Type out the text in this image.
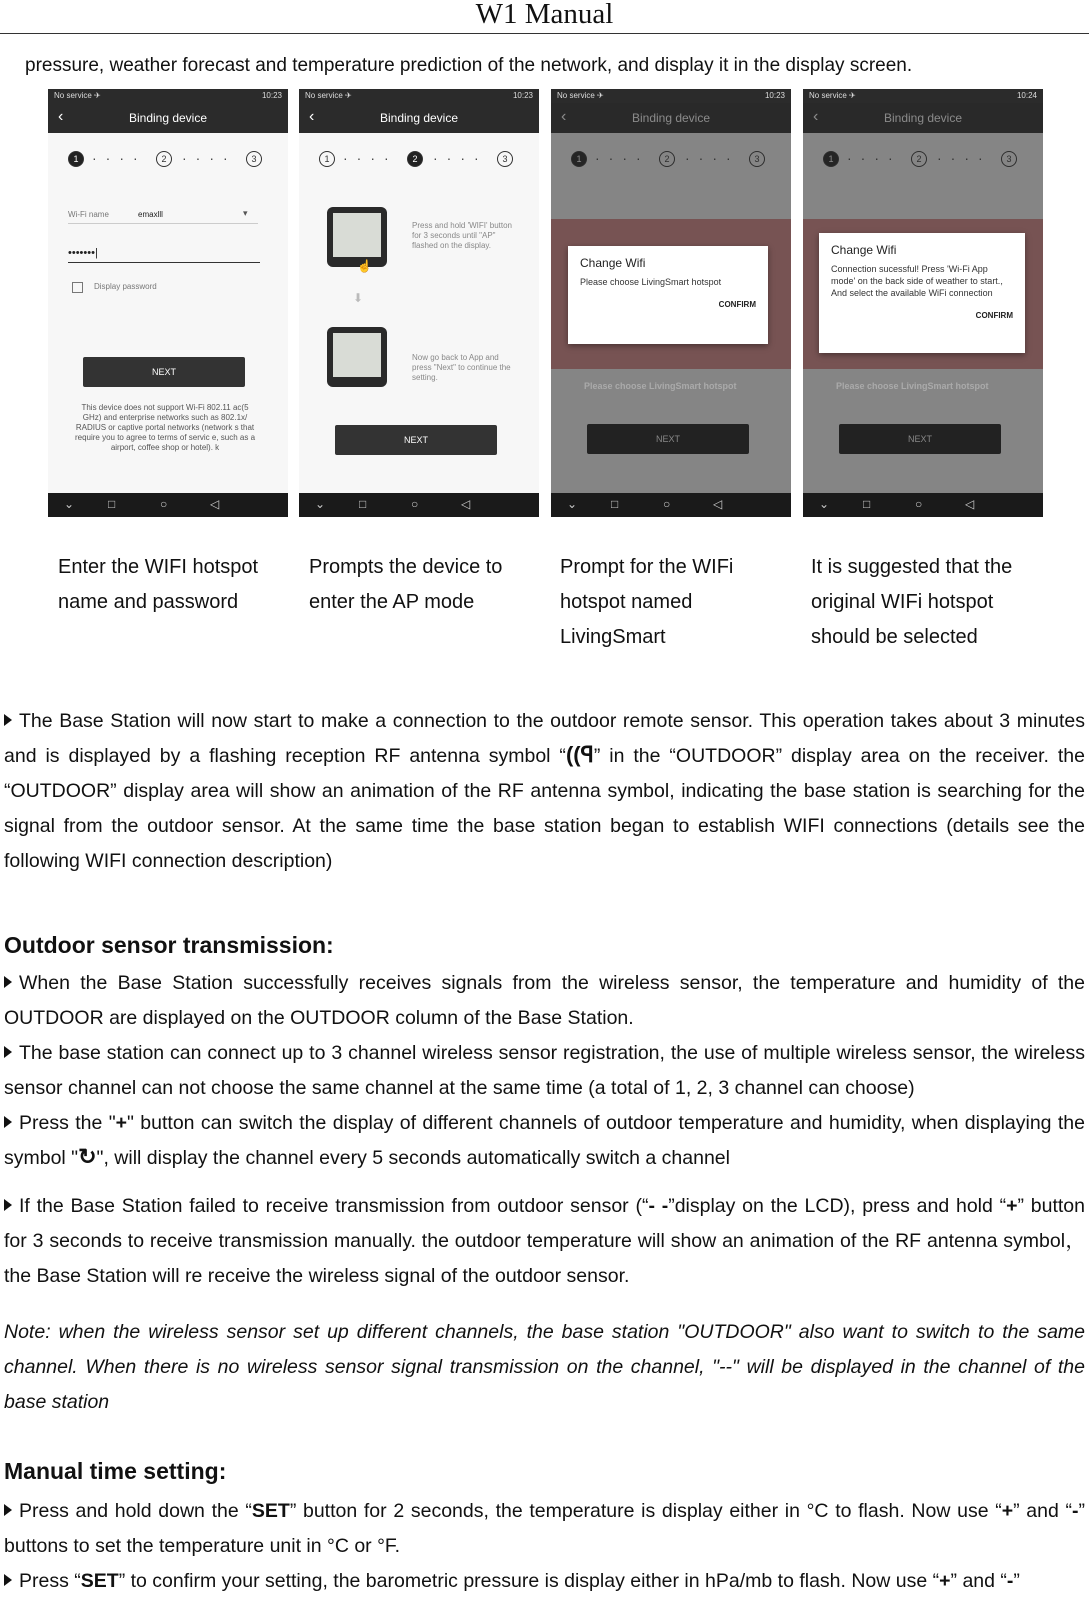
W1 Manual
pressure, weather forecast and temperature prediction of the network, and display it in the display screen.
No service ✈	10:23
‹	Binding device
1 ····	2	····	3
Wi-Fi name	emaxlll	▾
•••••••|
Display password
NEXT
This device does not support Wi-Fi 802.11 ac(5 GHz) and enterprise networks such as 802.1x/ RADIUS or captive portal networks (network s that require you to agree to terms of servic e, such as a airport, coffee shop or hotel). k
⌄	□	○	◁
No service ✈	10:23
‹	Binding device
1 ····	2	····	3
☝
Press and hold 'WIFI' button for 3 seconds until "AP" flashed on the display.
⬇
Now go back to App and press "Next" to continue the setting.
NEXT
⌄	□	○	◁
No service ✈	10:23
Change Wifi
Please choose LivingSmart hotspot
CONFIRM
Please choose LivingSmart hotspot
NEXT
⌄	□	○	◁
No service ✈	10:24
Change Wifi
Connection sucessful! Press 'Wi-Fi App mode' on the back side of weather to start., And select the available WiFi connection
CONFIRM
Please choose LivingSmart hotspot
NEXT
⌄	□	○	◁
Enter the WIFI hotspot name and password
Prompts the device to enter the AP mode
Prompt for the WIFi hotspot named LivingSmart
It is suggested that the original WIFi hotspot should be selected
The Base Station will now start to make a connection to the outdoor remote sensor. This operation takes about 3 minutes and is displayed by a flashing reception RF antenna symbol “((ꟼ” in the “OUTDOOR” display area on the receiver. the “OUTDOOR” display area will show an animation of the RF antenna symbol, indicating the base station is searching for the signal from the outdoor sensor. At the same time the base station began to establish WIFI connections (details see the following WIFI connection description)
Outdoor sensor transmission:
When the Base Station successfully receives signals from the wireless sensor, the temperature and humidity of the OUTDOOR are displayed on the OUTDOOR column of the Base Station.
The base station can connect up to 3 channel wireless sensor registration, the use of multiple wireless sensor, the wireless sensor channel can not choose the same channel at the same time (a total of 1, 2, 3 channel can choose)
Press the "+" button can switch the display of different channels of outdoor temperature and humidity, when displaying the symbol "↻", will display the channel every 5 seconds automatically switch a channel
If the Base Station failed to receive transmission from outdoor sensor (“- -”display on the LCD), press and hold “+” button for 3 seconds to receive transmission manually. the outdoor temperature will show an animation of the RF antenna symbol，the Base Station will re receive the wireless signal of the outdoor sensor.
Note: when the wireless sensor set up different channels, the base station "OUTDOOR" also want to switch to the same channel. When there is no wireless sensor signal transmission on the channel, "--" will be displayed in the channel of the base station
Manual time setting:
Press and hold down the “SET” button for 2 seconds, the temperature is display either in °C to flash. Now use “+” and “-” buttons to set the temperature unit in °C or °F.
Press “SET” to confirm your setting, the barometric pressure is display either in hPa/mb to flash. Now use “+” and “-”
